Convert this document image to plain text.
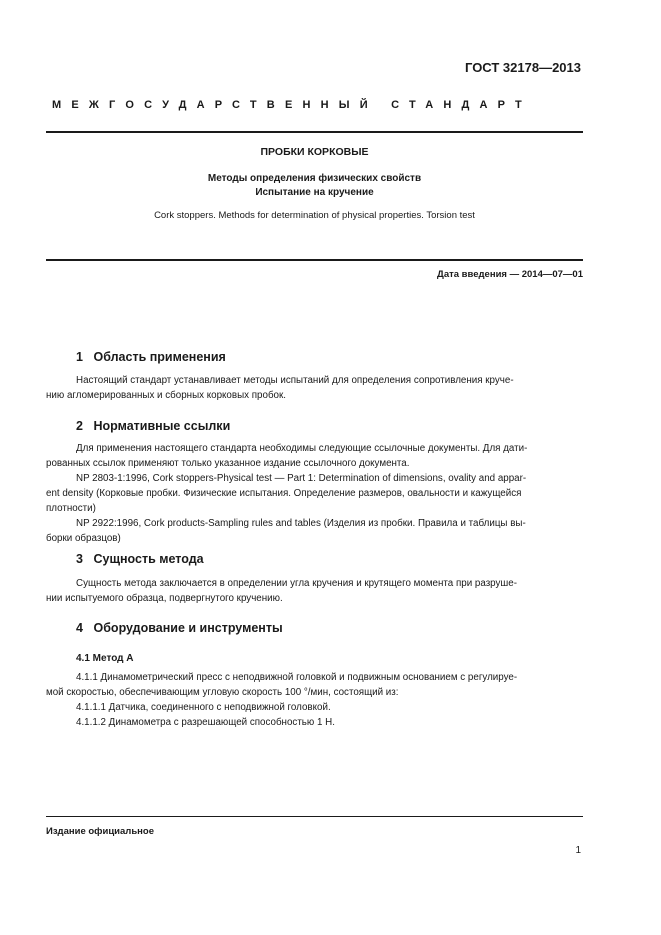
ГОСТ 32178—2013
МЕЖГОСУДАРСТВЕННЫЙ СТАНДАРТ
ПРОБКИ КОРКОВЫЕ
Методы определения физических свойств
Испытание на кручение
Cork stoppers. Methods for determination of physical properties. Torsion test
Дата введения — 2014—07—01
1 Область применения
Настоящий стандарт устанавливает методы испытаний для определения сопротивления круче-
нию агломерированных и сборных корковых пробок.
2 Нормативные ссылки
Для применения настоящего стандарта необходимы следующие ссылочные документы. Для дати-
рованных ссылок применяют только указанное издание ссылочного документа.
NP 2803-1:1996, Cork stoppers-Physical test — Part 1: Determination of dimensions, ovality and appar-
ent density (Корковые пробки. Физические испытания. Определение размеров, овальности и кажущейся
плотности)
NP 2922:1996, Cork products-Sampling rules and tables (Изделия из пробки. Правила и таблицы вы-
борки образцов)
3 Сущность метода
Сущность метода заключается в определении угла кручения и крутящего момента при разруше-
нии испытуемого образца, подвергнутого кручению.
4 Оборудование и инструменты
4.1 Метод А
4.1.1 Динамометрический пресс с неподвижной головкой и подвижным основанием с регулируе-
мой скоростью, обеспечивающим угловую скорость 100 °/мин, состоящий из:
4.1.1.1 Датчика, соединенного с неподвижной головкой.
4.1.1.2 Динамометра с разрешающей способностью 1 Н.
Издание официальное
1
